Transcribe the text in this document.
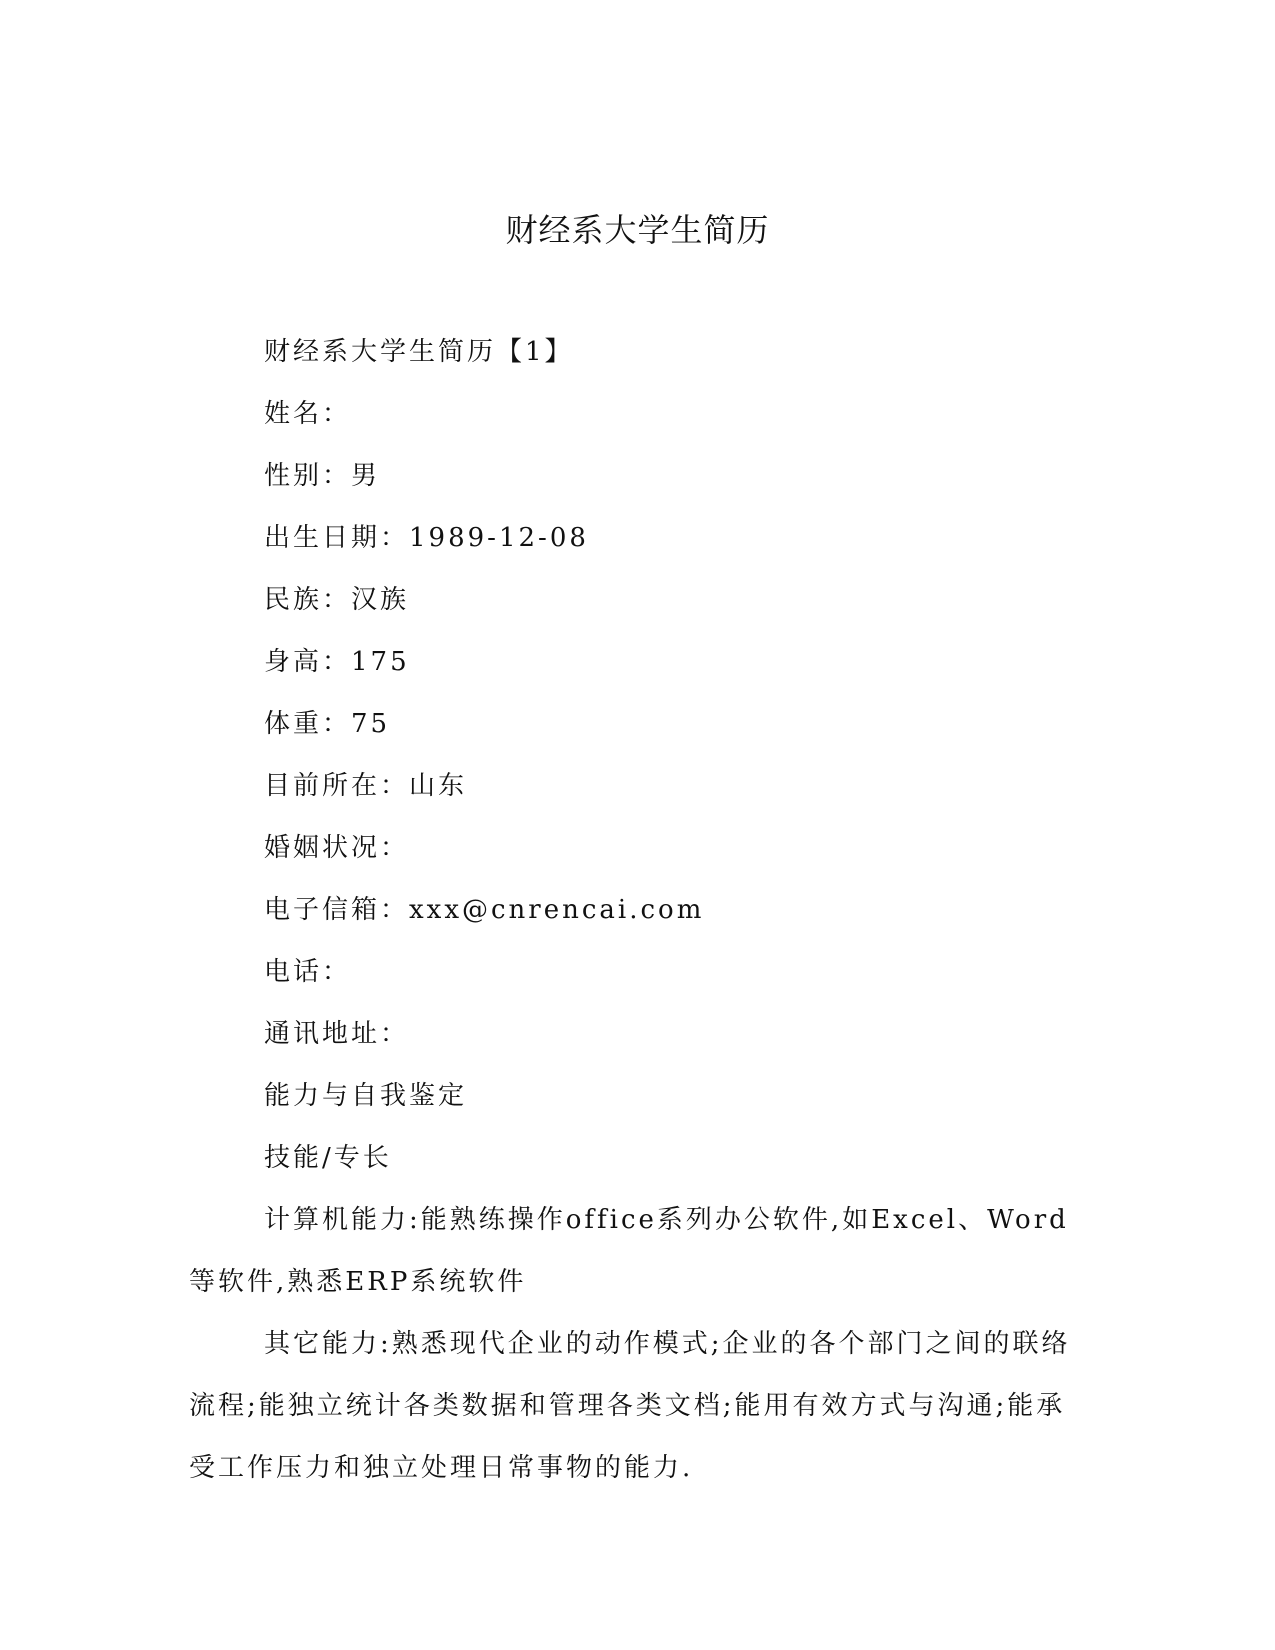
财经系大学生简历
财经系大学生简历【1】
姓名：
性别：男
出生日期：1989-12-08
民族：汉族
身高：175
体重：75
目前所在：山东
婚姻状况：
电子信箱：xxx@cnrencai.com
电话：
通讯地址：
能力与自我鉴定
技能/专长

计算机能力:能熟练操作office系列办公软件,如Excel、Word等软件,熟悉ERP系统软件

其它能力:熟悉现代企业的动作模式;企业的各个部门之间的联络流程;能独立统计各类数据和管理各类文档;能用有效方式与沟通;能承受工作压力和独立处理日常事物的能力.
